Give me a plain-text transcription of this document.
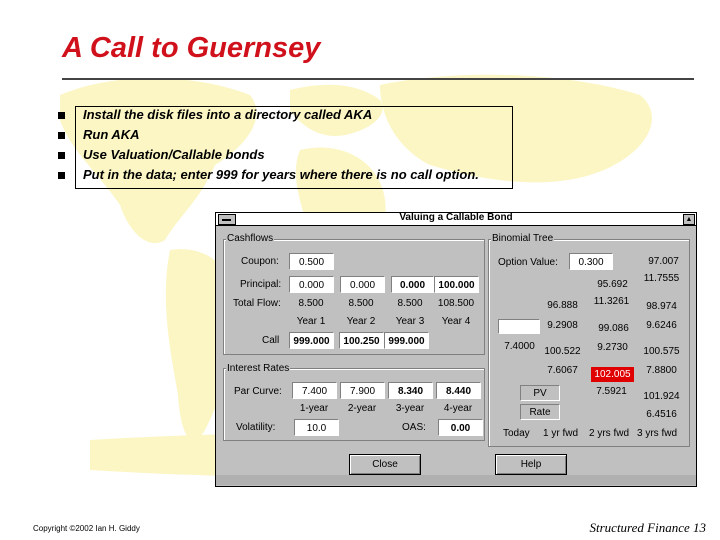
A Call to Guernsey
Install the disk files into a directory called AKA
Run AKA
Use Valuation/Callable bonds
Put in the data; enter 999 for years where there is no call option.
Valuing a Callable Bond	▲
Cashflows
Coupon:	0.500
Principal:	0.000	0.000	0.000	100.000
Total Flow:	8.500	8.500	8.500	108.500
Year 1	Year 2	Year 3	Year 4
Call	999.000	100.250 999.000
Interest Rates
Par Curve:	7.400	7.900	8.340	8.440
1-year	2-year	3-year	4-year
Volatility:	10.0	OAS:	0.00
Binomial Tree
Option Value:	0.300	97.007
11.7555
95.692
11.3261
96.888	98.974
9.2908	99.086	9.6246
7.4000 100.522	9.2730	100.575
7.6067	102.005	7.8800
PV	7.5921	101.924
Rate	6.4516
Today 1 yr fwd 2 yrs fwd 3 yrs fwd
Close	Help
Copyright ©2002 Ian H. Giddy	Structured Finance 13
